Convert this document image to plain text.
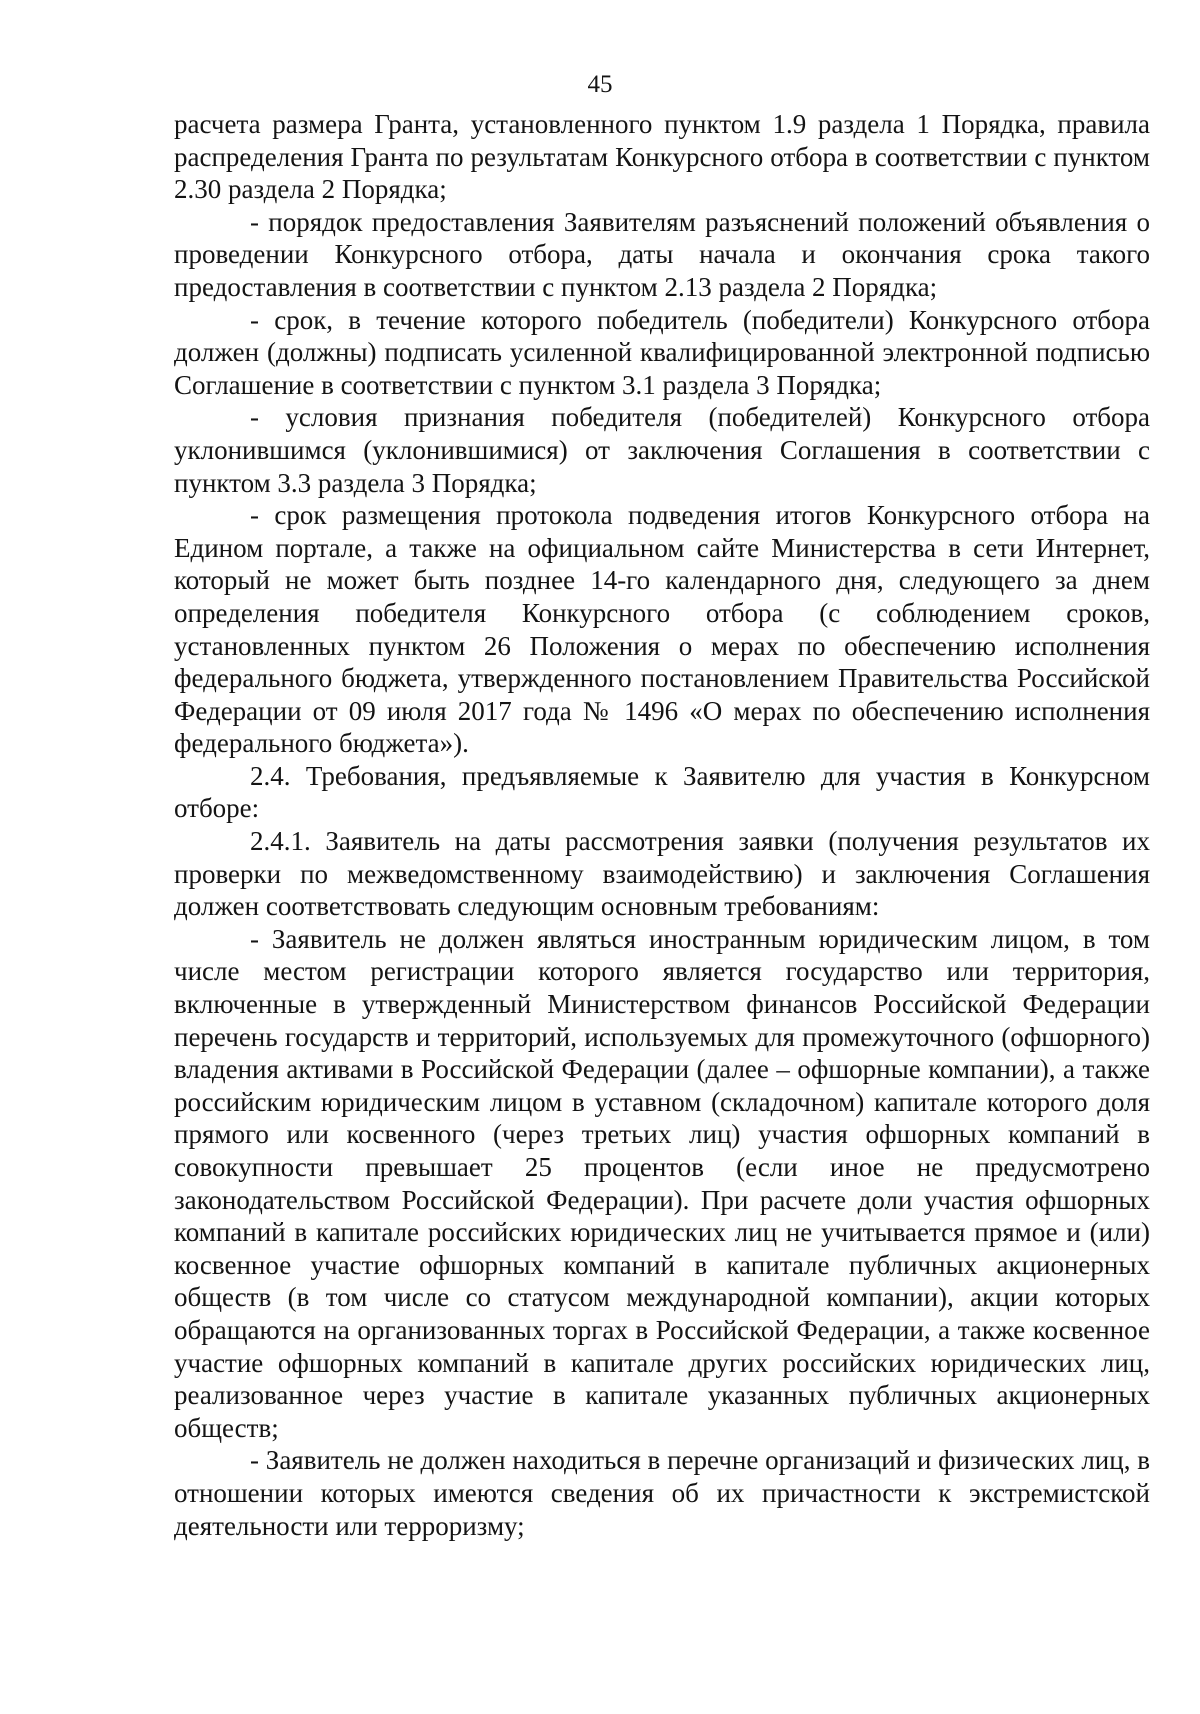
45

расчета размера Гранта, установленного пунктом 1.9 раздела 1 Порядка, правила распределения Гранта по результатам Конкурсного отбора в соответствии с пунктом 2.30 раздела 2 Порядка;

- порядок предоставления Заявителям разъяснений положений объявления о проведении Конкурсного отбора, даты начала и окончания срока такого предоставления в соответствии с пунктом 2.13 раздела 2 Порядка;

- срок, в течение которого победитель (победители) Конкурсного отбора должен (должны) подписать усиленной квалифицированной электронной подписью Соглашение в соответствии с пунктом 3.1 раздела 3 Порядка;

- условия признания победителя (победителей) Конкурсного отбора уклонившимся (уклонившимися) от заключения Соглашения в соответствии с пунктом 3.3 раздела 3 Порядка;

- срок размещения протокола подведения итогов Конкурсного отбора на Едином портале, а также на официальном сайте Министерства в сети Интернет, который не может быть позднее 14-го календарного дня, следующего за днем определения победителя Конкурсного отбора (с соблюдением сроков, установленных пунктом 26 Положения о мерах по обеспечению исполнения федерального бюджета, утвержденного постановлением Правительства Российской Федерации от 09 июля 2017 года № 1496 «О мерах по обеспечению исполнения федерального бюджета»).

2.4. Требования, предъявляемые к Заявителю для участия в Конкурсном отборе:

2.4.1. Заявитель на даты рассмотрения заявки (получения результатов их проверки по межведомственному взаимодействию) и заключения Соглашения должен соответствовать следующим основным требованиям:

- Заявитель не должен являться иностранным юридическим лицом, в том числе местом регистрации которого является государство или территория, включенные в утвержденный Министерством финансов Российской Федерации перечень государств и территорий, используемых для промежуточного (офшорного) владения активами в Российской Федерации (далее – офшорные компании), а также российским юридическим лицом в уставном (складочном) капитале которого доля прямого или косвенного (через третьих лиц) участия офшорных компаний в совокупности превышает 25 процентов (если иное не предусмотрено законодательством Российской Федерации). При расчете доли участия офшорных компаний в капитале российских юридических лиц не учитывается прямое и (или) косвенное участие офшорных компаний в капитале публичных акционерных обществ (в том числе со статусом международной компании), акции которых обращаются на организованных торгах в Российской Федерации, а также косвенное участие офшорных компаний в капитале других российских юридических лиц, реализованное через участие в капитале указанных публичных акционерных обществ;

- Заявитель не должен находиться в перечне организаций и физических лиц, в отношении которых имеются сведения об их причастности к экстремистской деятельности или терроризму;
